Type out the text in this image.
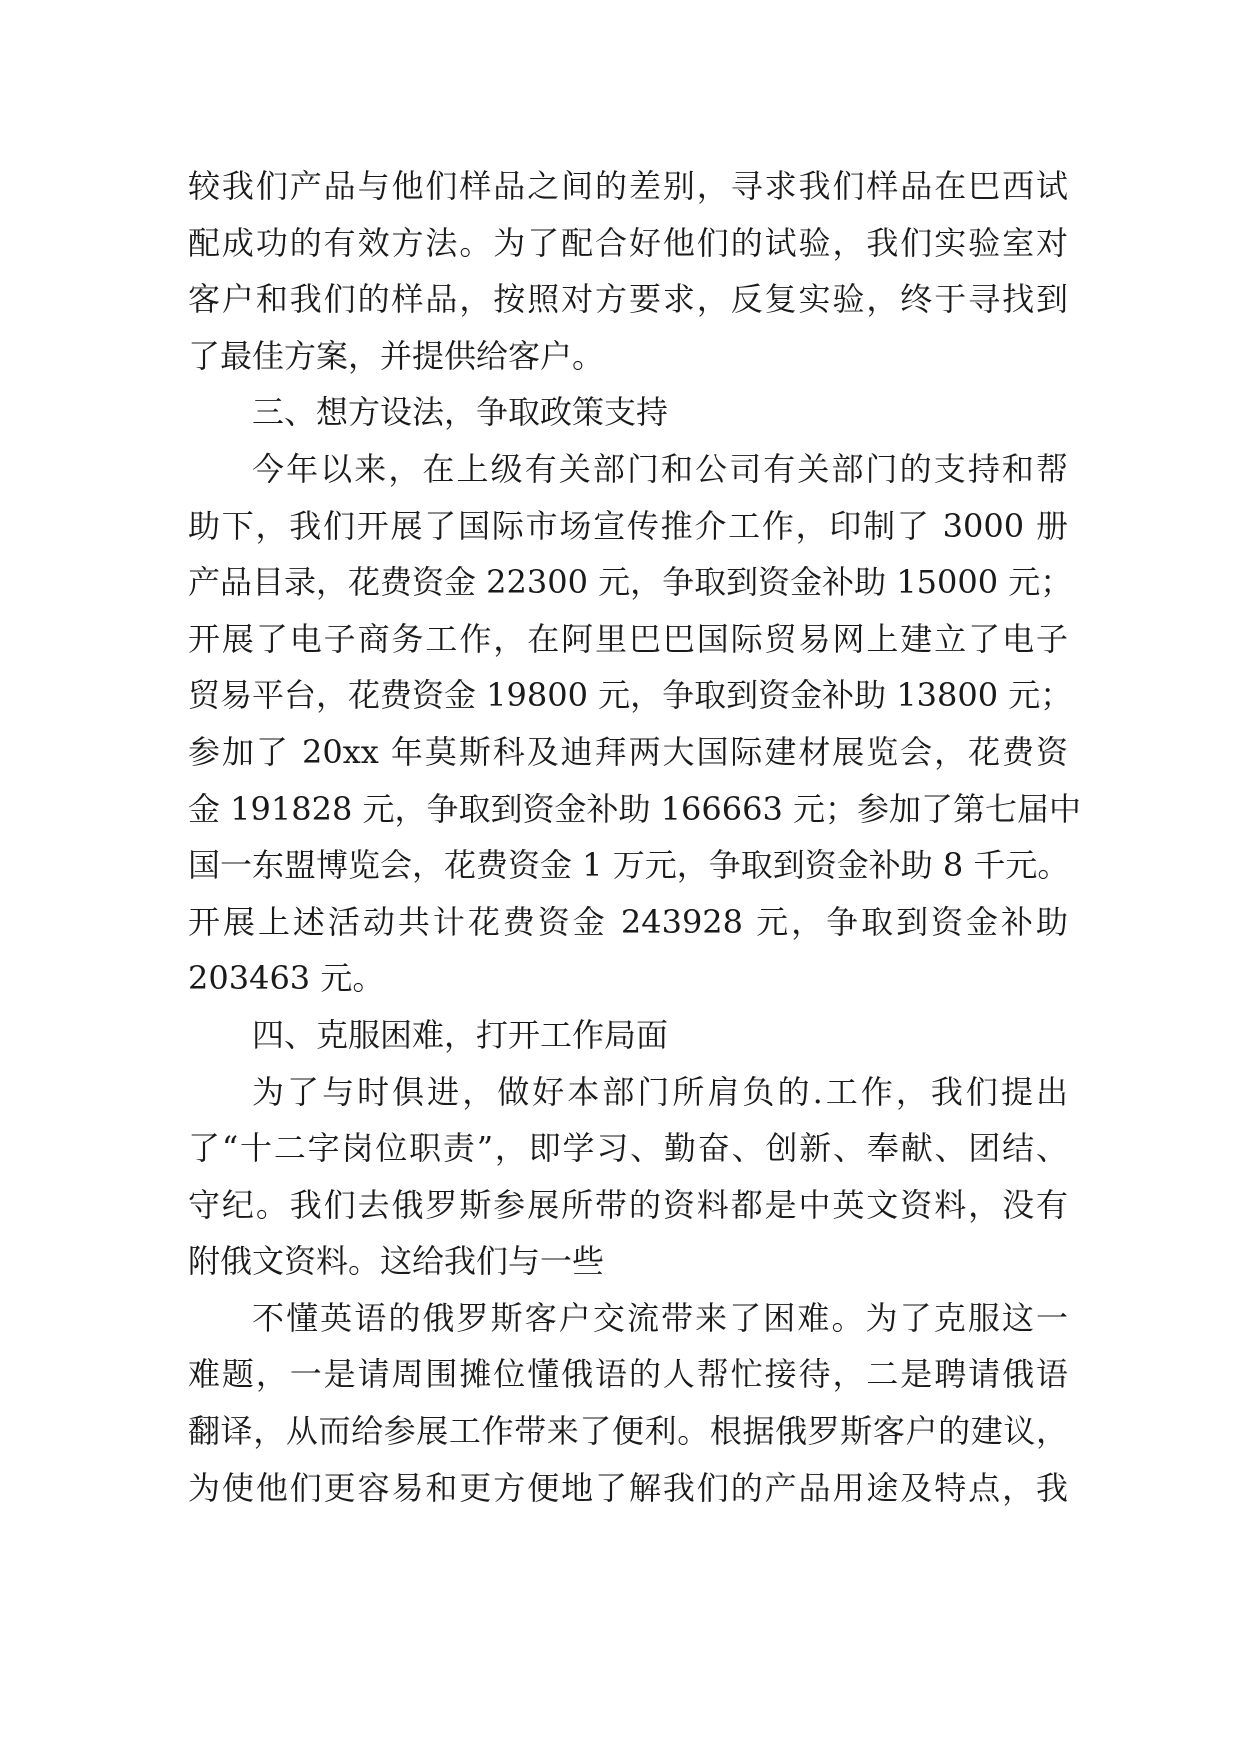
较我们产品与他们样品之间的差别，寻求我们样品在巴西试
配成功的有效方法。为了配合好他们的试验，我们实验室对
客户和我们的样品，按照对方要求，反复实验，终于寻找到
了最佳方案，并提供给客户。
三、想方设法，争取政策支持
今年以来，在上级有关部门和公司有关部门的支持和帮
助下，我们开展了国际市场宣传推介工作，印制了 3000 册
产品目录，花费资金 22300 元，争取到资金补助 15000 元；
开展了电子商务工作，在阿里巴巴国际贸易网上建立了电子
贸易平台，花费资金 19800 元，争取到资金补助 13800 元；
参加了 20xx 年莫斯科及迪拜两大国际建材展览会，花费资
金 191828 元，争取到资金补助 166663 元；参加了第七届中
国一东盟博览会，花费资金 1 万元，争取到资金补助 8 千元。
开展上述活动共计花费资金 243928 元，争取到资金补助
203463 元。
四、克服困难，打开工作局面
为了与时俱进，做好本部门所肩负的.工作，我们提出
了“十二字岗位职责”，即学习、勤奋、创新、奉献、团结、
守纪。我们去俄罗斯参展所带的资料都是中英文资料，没有
附俄文资料。这给我们与一些
不懂英语的俄罗斯客户交流带来了困难。为了克服这一
难题，一是请周围摊位懂俄语的人帮忙接待，二是聘请俄语
翻译，从而给参展工作带来了便利。根据俄罗斯客户的建议，
为使他们更容易和更方便地了解我们的产品用途及特点，我
